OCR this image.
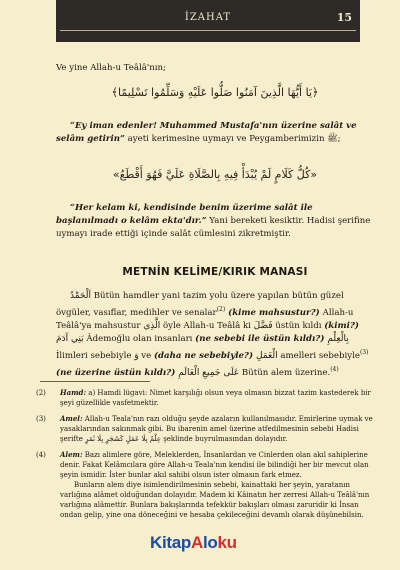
İZAHAT	15
Ve yine Allah-u Teâlâ'nın;
﴿يَا أَيُّهَا الَّذِينَ آمَنُوا صَلُّوا عَلَيْهِ وَسَلِّمُوا تَسْلِيمًا﴾
“Ey iman edenler! Muhammed Mustafa'nın üzerine salât ve selâm getirin” ayeti kerimesine uymayı ve Peygamberimizin ﷺ;
«كُلُّ كَلَامٍ لَمْ يُبْدَأْ فِيهِ بِالصَّلَاةِ عَلَيَّ فَهُوَ أَقْطَعُ»
“Her kelam ki, kendisinde benim üzerime salât ile başlanılmadı o kelâm ekta'dır.” Yani bereketi kesiktir. Hadisi şerifine uymayı irade ettiği içinde salât cümlesini zikretmiştir.
METNİN KELİME/KIRIK MANASI
اَلْحَمْدُ Bütün hamdler yani tazim yolu üzere yapılan bütün güzel övgüler, vasıflar, medihler ve senalar$^{(2)}$ (kime mahsustur?) Allah-u Teâlâ'ya mahsustur الَّذِي öyle Allah-u Teâlâ ki فَضَّلَ üstün kıldı (kimi?) بَنِي آدَمَ Âdemoğlu olan insanları (ne sebebi ile üstün kıldı?) بِالْعِلْمِ İlimleri sebebiyle وَ ve (daha ne sebebiyle?) الْعَمَلِ amelleri sebebiyle$^{(3)}$ (ne üzerine üstün kıldı?) عَلَى جَمِيعِ الْعَالَمِ Bütün alem üzerine.$^{(4)}$
(2) Hamd: a) Hamdi lügavi: Nimet karşılığı olsun veya olmasın bizzat tazim kastederek bir şeyi güzellikle vasfetmektir.
(3) Amel: Allah-u Teala'nın razı olduğu şeyde azaların kullanılmasıdır. Emirlerine uymak ve yasaklarından sakınmak gibi. Bu ibarenin amel üzerine atfedilmesinin sebebi Hadisi şerifte عِلْمٌ بِلَا عَمَلٍ كَشَجَرٍ بِلَا ثَمَرٍ şeklinde buyrulmasından dolayıdır.
(4) Alem: Bazı alimlere göre, Meleklerden, İnsanlardan ve Cinlerden olan akıl sahiplerine denir. Fakat Kelâmcılara göre Allah-u Teala'nın kendisi ile bilindiği her bir mevcut olan şeyin ismidir. İster bunlar akıl sahibi olsun ister olmasın fark etmez.
Bunların alem diye isimlendirilmesinin sebebi, kainattaki her şeyin, yaratanın varlığına alâmet olduğundan dolayıdır. Madem ki Kâinatın her zerresi Allah-u Teâlâ'nın varlığına alâmettir. Bunlara bakışlarında tefekkür bakışları olması zaruridir ki İnsan ondan gelip, yine ona döneceğini ve hesaba çekileceğini devamlı olarak düşünebilsin.
KitapAloku
